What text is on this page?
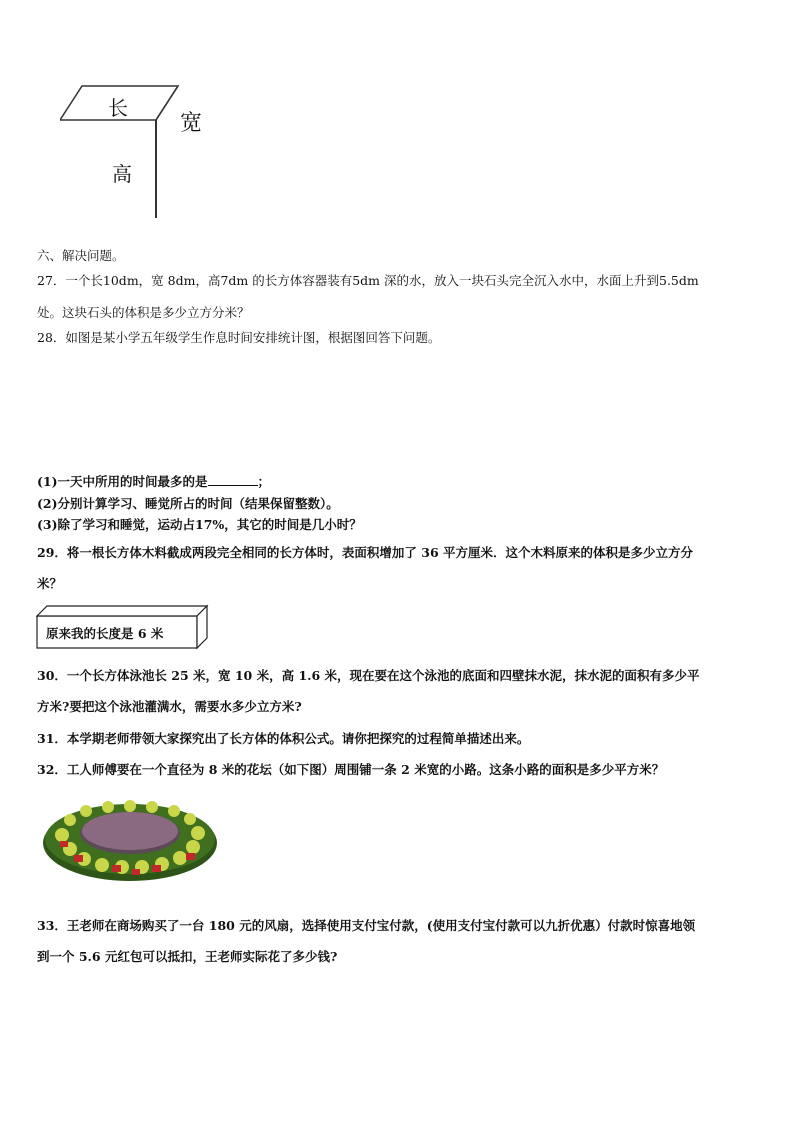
长
宽
高
六、解决问题。
27．一个长10dm，宽 8dm，高7dm 的长方体容器装有5dm 深的水，放入一块石头完全沉入水中，水面上升到5.5dm
处。这块石头的体积是多少立方分米？
28．如图是某小学五年级学生作息时间安排统计图，根据图回答下问题。
(1)一天中所用的时间最多的是	；
(2)分别计算学习、睡觉所占的时间（结果保留整数）。
(3)除了学习和睡觉，运动占17%，其它的时间是几小时？
29．将一根长方体木料截成两段完全相同的长方体时，表面积增加了 36 平方厘米．这个木料原来的体积是多少立方分
米？
原来我的长度是 6 米
30．一个长方体泳池长 25 米，宽 10 米，高 1.6 米，现在要在这个泳池的底面和四壁抹水泥，抹水泥的面积有多少平
方米?要把这个泳池灌满水，需要水多少立方米?
31．本学期老师带领大家探究出了长方体的体积公式。请你把探究的过程简单描述出来。
32．工人师傅要在一个直径为 8 米的花坛（如下图）周围铺一条 2 米宽的小路。这条小路的面积是多少平方米？
33．王老师在商场购买了一台 180 元的风扇，选择使用支付宝付款，(使用支付宝付款可以九折优惠）付款时惊喜地领
到一个 5.6 元红包可以抵扣，王老师实际花了多少钱?
